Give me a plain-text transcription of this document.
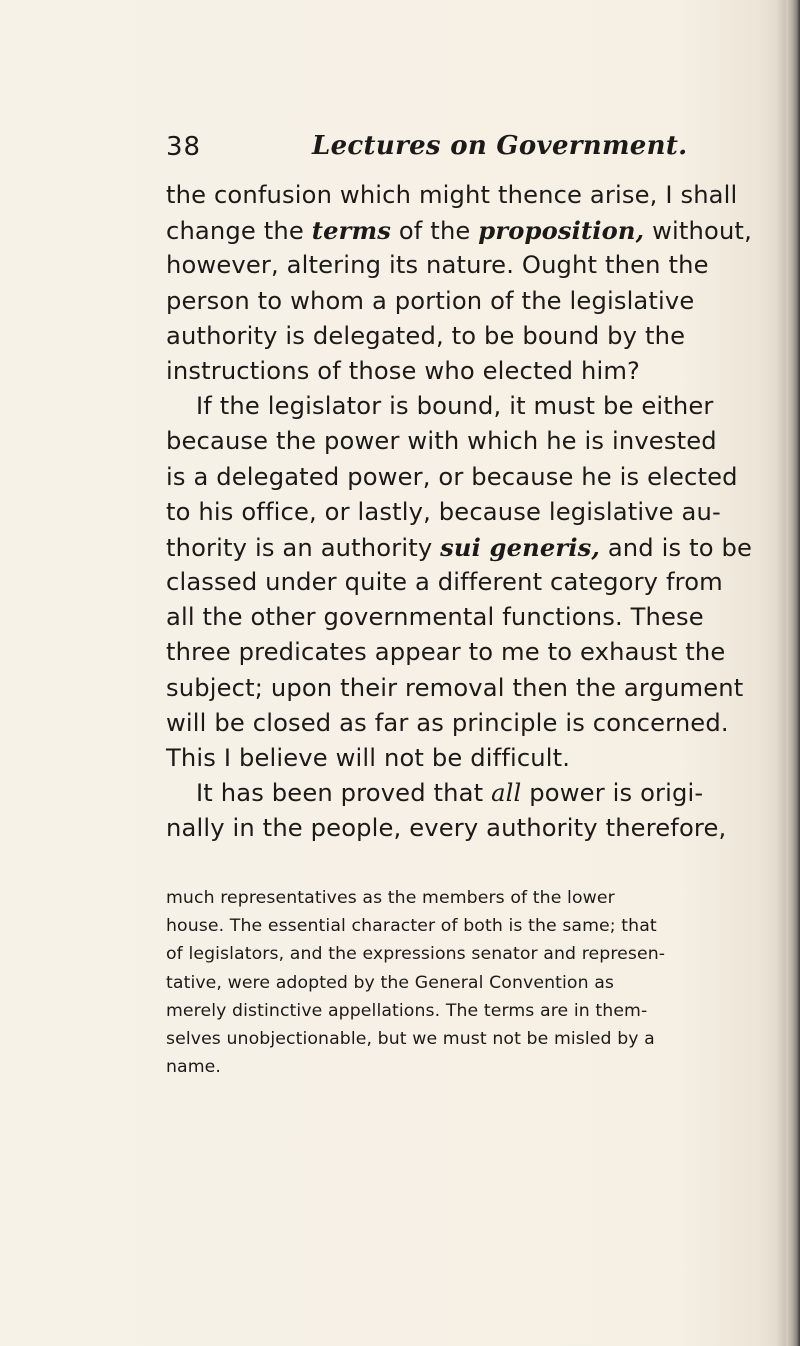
38	Lectures on Government.
the confusion which might thence arise, I shall
change the terms of the proposition, without,
however, altering its nature. Ought then the
person to whom a portion of the legislative
authority is delegated, to be bound by the
instructions of those who elected him?
If the legislator is bound, it must be either
because the power with which he is invested
is a delegated power, or because he is elected
to his office, or lastly, because legislative au-
thority is an authority sui generis, and is to be
classed under quite a different category from
all the other governmental functions. These
three predicates appear to me to exhaust the
subject; upon their removal then the argument
will be closed as far as principle is concerned.
This I believe will not be difficult.
It has been proved that all power is origi-
nally in the people, every authority therefore,
much representatives as the members of the lower
house. The essential character of both is the same; that
of legislators, and the expressions senator and represen-
tative, were adopted by the General Convention as
merely distinctive appellations. The terms are in them-
selves unobjectionable, but we must not be misled by a
name.
